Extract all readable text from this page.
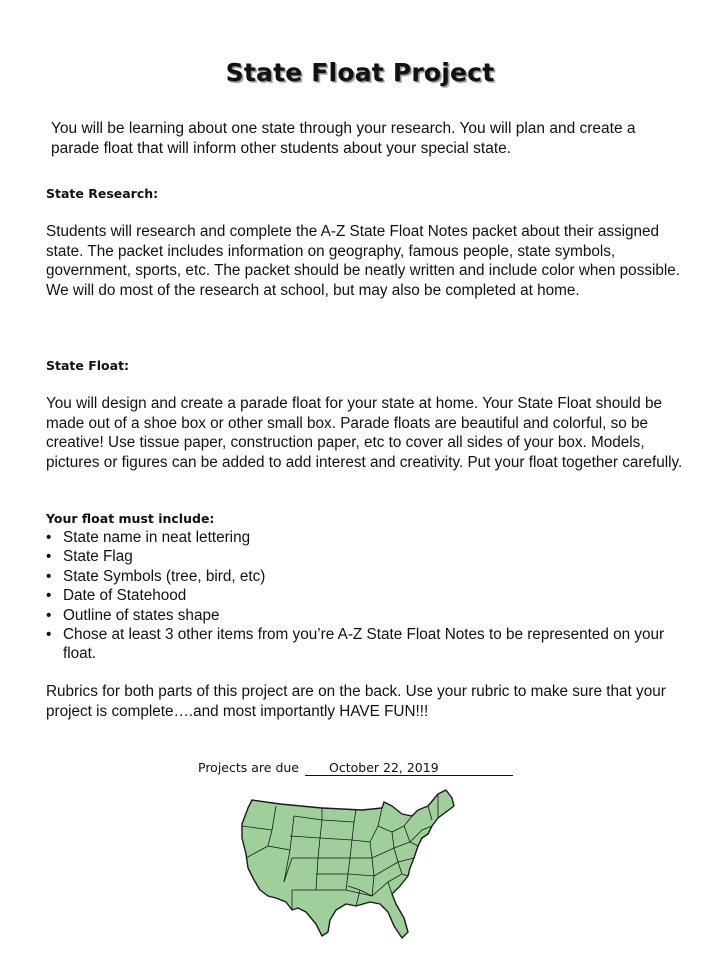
State Float Project
You will be learning about one state through your research. You will plan and create a parade float that will inform other students about your special state.
State Research:
Students will research and complete the A-Z State Float Notes packet about their assigned state. The packet includes information on geography, famous people, state symbols, government, sports, etc. The packet should be neatly written and include color when possible. We will do most of the research at school, but may also be completed at home.
State Float:
You will design and create a parade float for your state at home. Your State Float should be made out of a shoe box or other small box. Parade floats are beautiful and colorful, so be creative! Use tissue paper, construction paper, etc to cover all sides of your box. Models, pictures or figures can be added to add interest and creativity. Put your float together carefully.
Your float must include:
• State name in neat lettering
• State Flag
• State Symbols (tree, bird, etc)
• Date of Statehood
• Outline of states shape
• Chose at least 3 other items from you’re A-Z State Float Notes to be represented on your float.
Rubrics for both parts of this project are on the back. Use your rubric to make sure that your project is complete….and most importantly HAVE FUN!!!
Projects are due October 22, 2019
